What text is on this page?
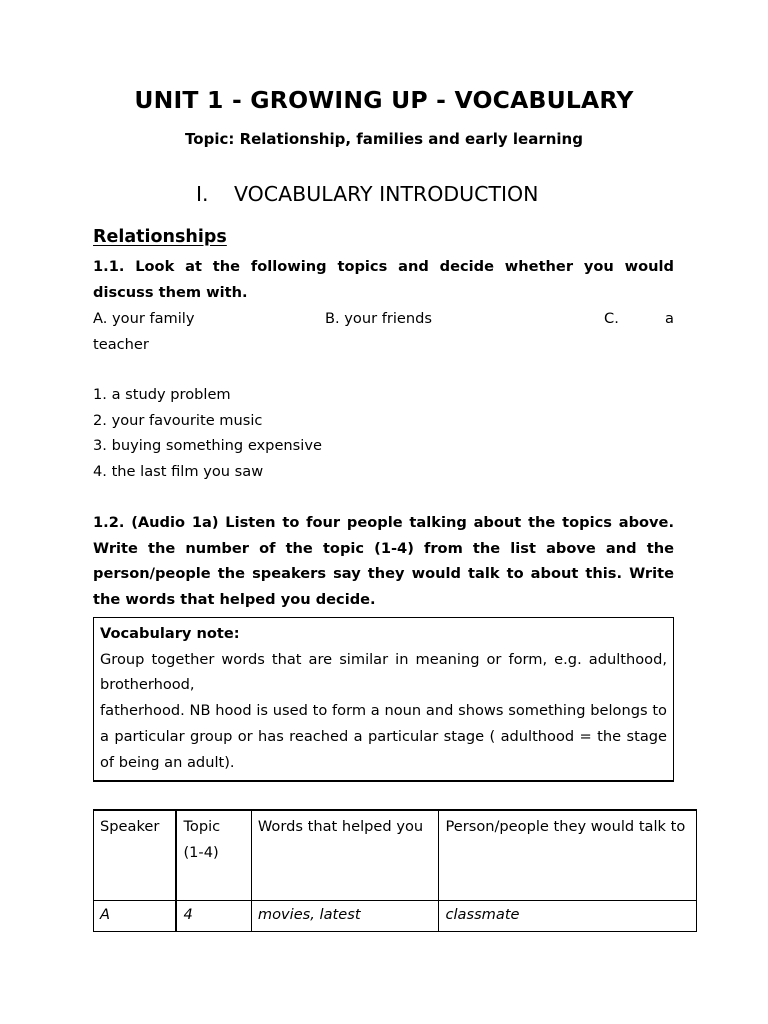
UNIT 1 - GROWING UP - VOCABULARY
Topic: Relationship, families and early learning
I. VOCABULARY INTRODUCTION
Relationships
1.1. Look at the following topics and decide whether you would discuss them with.
A. your family	B. your friends	C.	a
teacher
1. a study problem
2. your favourite music
3. buying something expensive
4. the last film you saw
1.2. (Audio 1a) Listen to four people talking about the topics above. Write the number of the topic (1-4) from the list above and the person/people the speakers say they would talk to about this. Write the words that helped you decide.

Vocabulary note:

Group together words that are similar in meaning or form, e.g. adulthood, brotherhood,

fatherhood. NB hood is used to form a noun and shows something belongs to a particular group or has reached a particular stage ( adulthood = the stage of being an adult).

Speaker	Topic (1-4)	Words that helped you	Person/people they would talk to
A	4	movies, latest	classmate
